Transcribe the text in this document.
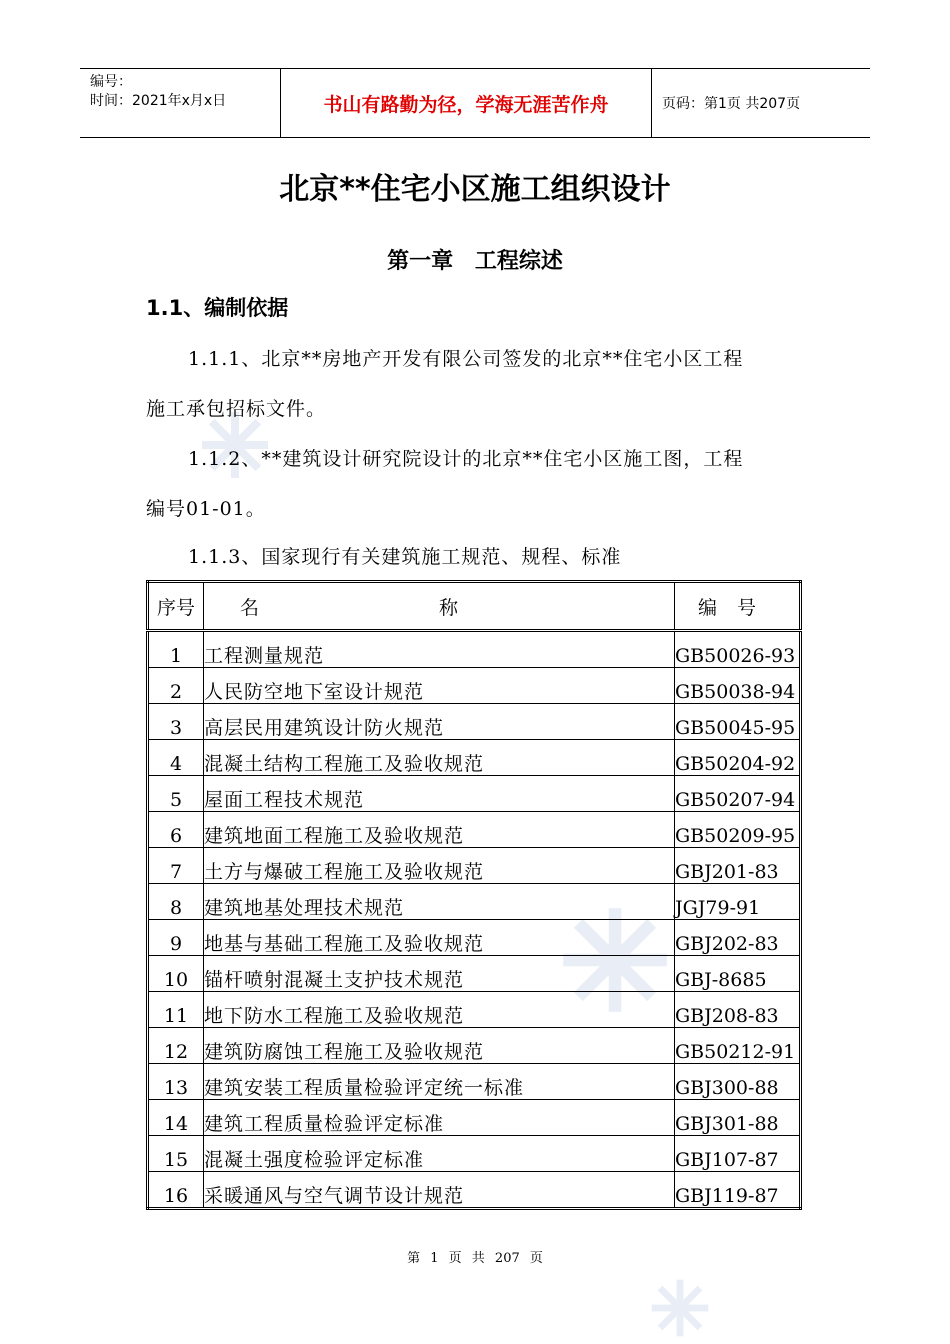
编号：
时间：2021年x月x日	书山有路勤为径，学海无涯苦作舟	页码：第1页 共207页
北京**住宅小区施工组织设计
第一章 工程综述
1.1、编制依据
1.1.1、北京**房地产开发有限公司签发的北京**住宅小区工程
施工承包招标文件。
1.1.2、**建筑设计研究院设计的北京**住宅小区施工图，工程
编号01-01。
1.1.3、国家现行有关建筑施工规范、规程、标准
序号	名称	编号
1	工程测量规范	GB50026-93
2	人民防空地下室设计规范	GB50038-94
3	高层民用建筑设计防火规范	GB50045-95
4	混凝土结构工程施工及验收规范	GB50204-92
5	屋面工程技术规范	GB50207-94
6	建筑地面工程施工及验收规范	GB50209-95
7	土方与爆破工程施工及验收规范	GBJ201-83
8	建筑地基处理技术规范	JGJ79-91
9	地基与基础工程施工及验收规范	GBJ202-83
10	锚杆喷射混凝土支护技术规范	GBJ-8685
11	地下防水工程施工及验收规范	GBJ208-83
12	建筑防腐蚀工程施工及验收规范	GB50212-91
13	建筑安装工程质量检验评定统一标准	GBJ300-88
14	建筑工程质量检验评定标准	GBJ301-88
15	混凝土强度检验评定标准	GBJ107-87
16	采暖通风与空气调节设计规范	GBJ119-87
第 1 页 共 207 页
